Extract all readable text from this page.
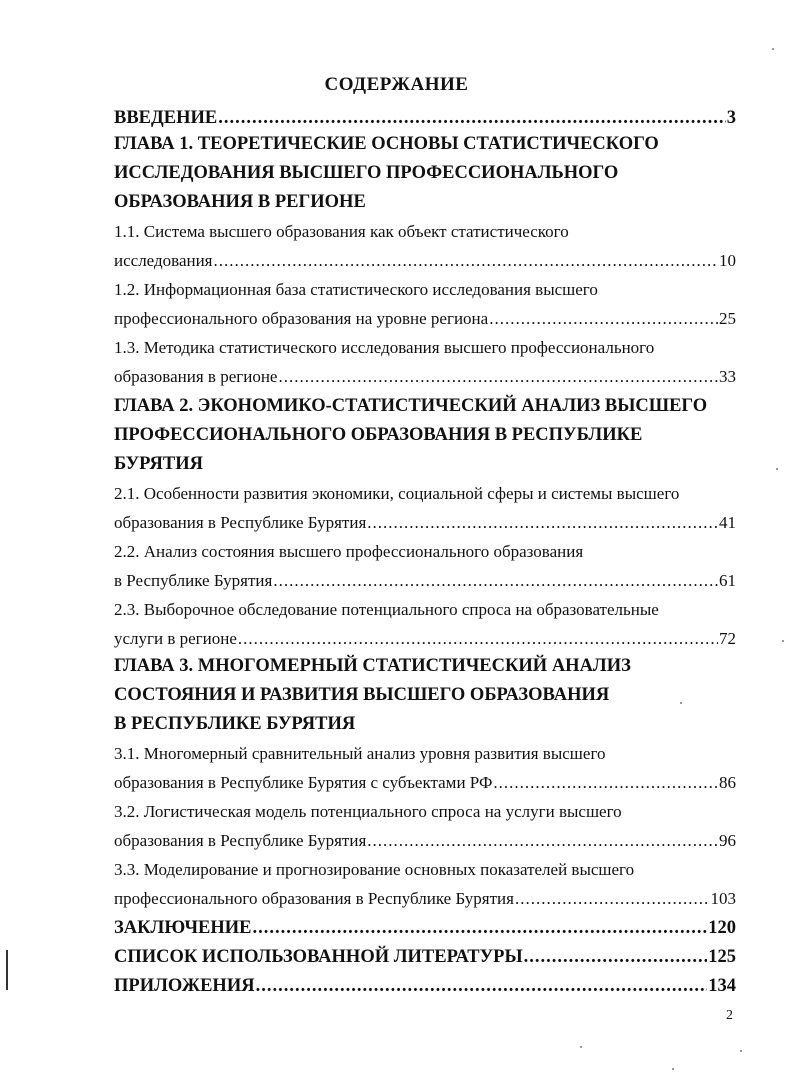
СОДЕРЖАНИЕ
ВВЕДЕНИЕ .....	3
ГЛАВА 1. ТЕОРЕТИЧЕСКИЕ ОСНОВЫ СТАТИСТИЧЕСКОГО
ИССЛЕДОВАНИЯ ВЫСШЕГО ПРОФЕССИОНАЛЬНОГО
ОБРАЗОВАНИЯ В РЕГИОНЕ
1.1. Система высшего образования как объект статистического
исследования .....	10
1.2. Информационная база статистического исследования высшего
профессионального образования на уровне региона .....	25
1.3. Методика статистического исследования высшего профессионального
образования в регионе .....	33
ГЛАВА 2. ЭКОНОМИКО-СТАТИСТИЧЕСКИЙ АНАЛИЗ ВЫСШЕГО
ПРОФЕССИОНАЛЬНОГО ОБРАЗОВАНИЯ В РЕСПУБЛИКЕ
БУРЯТИЯ
2.1. Особенности развития экономики, социальной сферы и системы высшего
образования в Республике Бурятия .....	41
2.2. Анализ состояния высшего профессионального образования
в Республике Бурятия .....	61
2.3. Выборочное обследование потенциального спроса на образовательные
услуги в регионе .....	72
ГЛАВА 3. МНОГОМЕРНЫЙ СТАТИСТИЧЕСКИЙ АНАЛИЗ
СОСТОЯНИЯ И РАЗВИТИЯ ВЫСШЕГО ОБРАЗОВАНИЯ
В РЕСПУБЛИКЕ БУРЯТИЯ
3.1. Многомерный сравнительный анализ уровня развития высшего
образования в Республике Бурятия с субъектами РФ .....	86
3.2. Логистическая модель потенциального спроса на услуги высшего
образования в Республике Бурятия .....	96
3.3. Моделирование и прогнозирование основных показателей высшего
профессионального образования в Республике Бурятия .....	103
ЗАКЛЮЧЕНИЕ .....	120
СПИСОК ИСПОЛЬЗОВАННОЙ ЛИТЕРАТУРЫ .....	125
ПРИЛОЖЕНИЯ .....	134
2
